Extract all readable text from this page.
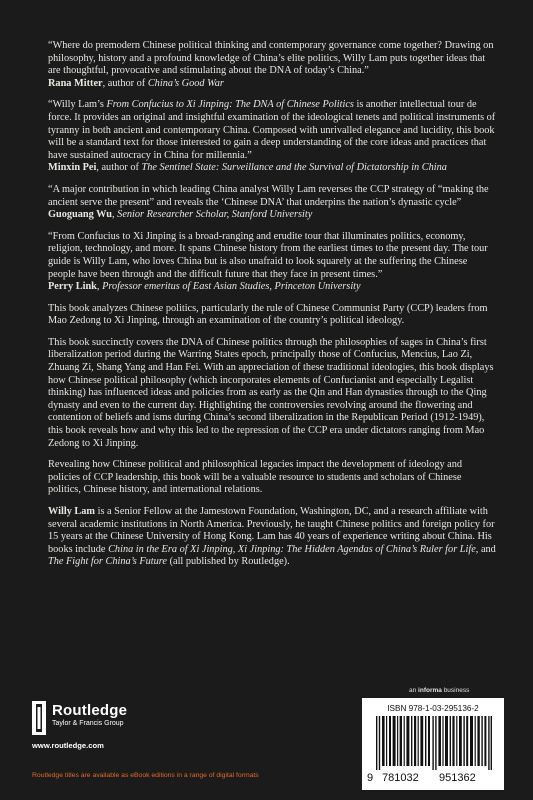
“Where do premodern Chinese political thinking and contemporary governance come together? Drawing on philosophy, history and a profound knowledge of China’s elite politics, Willy Lam puts together ideas that are thoughtful, provocative and stimulating about the DNA of today’s China.”

Rana Mitter, author of China’s Good War

“Willy Lam’s From Confucius to Xi Jinping: The DNA of Chinese Politics is another intellectual tour de force. It provides an original and insightful examination of the ideological tenets and political instruments of tyranny in both ancient and contemporary China. Composed with unrivalled elegance and lucidity, this book will be a standard text for those interested to gain a deep understanding of the core ideas and practices that have sustained autocracy in China for millennia.”

Minxin Pei, author of The Sentinel State: Surveillance and the Survival of Dictatorship in China

“A major contribution in which leading China analyst Willy Lam reverses the CCP strategy of “making the ancient serve the present” and reveals the ‘Chinese DNA’ that underpins the nation’s dynastic cycle”

Guoguang Wu, Senior Researcher Scholar, Stanford University

“From Confucius to Xi Jinping is a broad-ranging and erudite tour that illuminates politics, economy, religion, technology, and more. It spans Chinese history from the earliest times to the present day. The tour guide is Willy Lam, who loves China but is also unafraid to look squarely at the suffering the Chinese people have been through and the difficult future that they face in present times.”

Perry Link, Professor emeritus of East Asian Studies, Princeton University

This book analyzes Chinese politics, particularly the rule of Chinese Communist Party (CCP) leaders from Mao Zedong to Xi Jinping, through an examination of the country’s political ideology.

This book succinctly covers the DNA of Chinese politics through the philosophies of sages in China’s first liberalization period during the Warring States epoch, principally those of Confucius, Mencius, Lao Zi, Zhuang Zi, Shang Yang and Han Fei. With an appreciation of these traditional ideologies, this book displays how Chinese political philosophy (which incorporates elements of Confucianist and especially Legalist thinking) has influenced ideas and policies from as early as the Qin and Han dynasties through to the Qing dynasty and even to the current day. Highlighting the controversies revolving around the flowering and contention of beliefs and isms during China’s second liberalization in the Republican Period (1912-1949), this book reveals how and why this led to the repression of the CCP era under dictators ranging from Mao Zedong to Xi Jinping.

Revealing how Chinese political and philosophical legacies impact the development of ideology and policies of CCP leadership, this book will be a valuable resource to students and scholars of Chinese politics, Chinese history, and international relations.

Willy Lam is a Senior Fellow at the Jamestown Foundation, Washington, DC, and a research affiliate with several academic institutions in North America. Previously, he taught Chinese politics and foreign policy for 15 years at the Chinese University of Hong Kong. Lam has 40 years of experience writing about China. His books include China in the Era of Xi Jinping, Xi Jinping: The Hidden Agendas of China’s Ruler for Life, and The Fight for China’s Future (all published by Routledge).

an informa business
Routledge
Taylor & Francis Group
www.routledge.com
ISBN 978-1-03-295136-2
9 781032 951362
Routledge titles are available as eBook editions in a range of digital formats
